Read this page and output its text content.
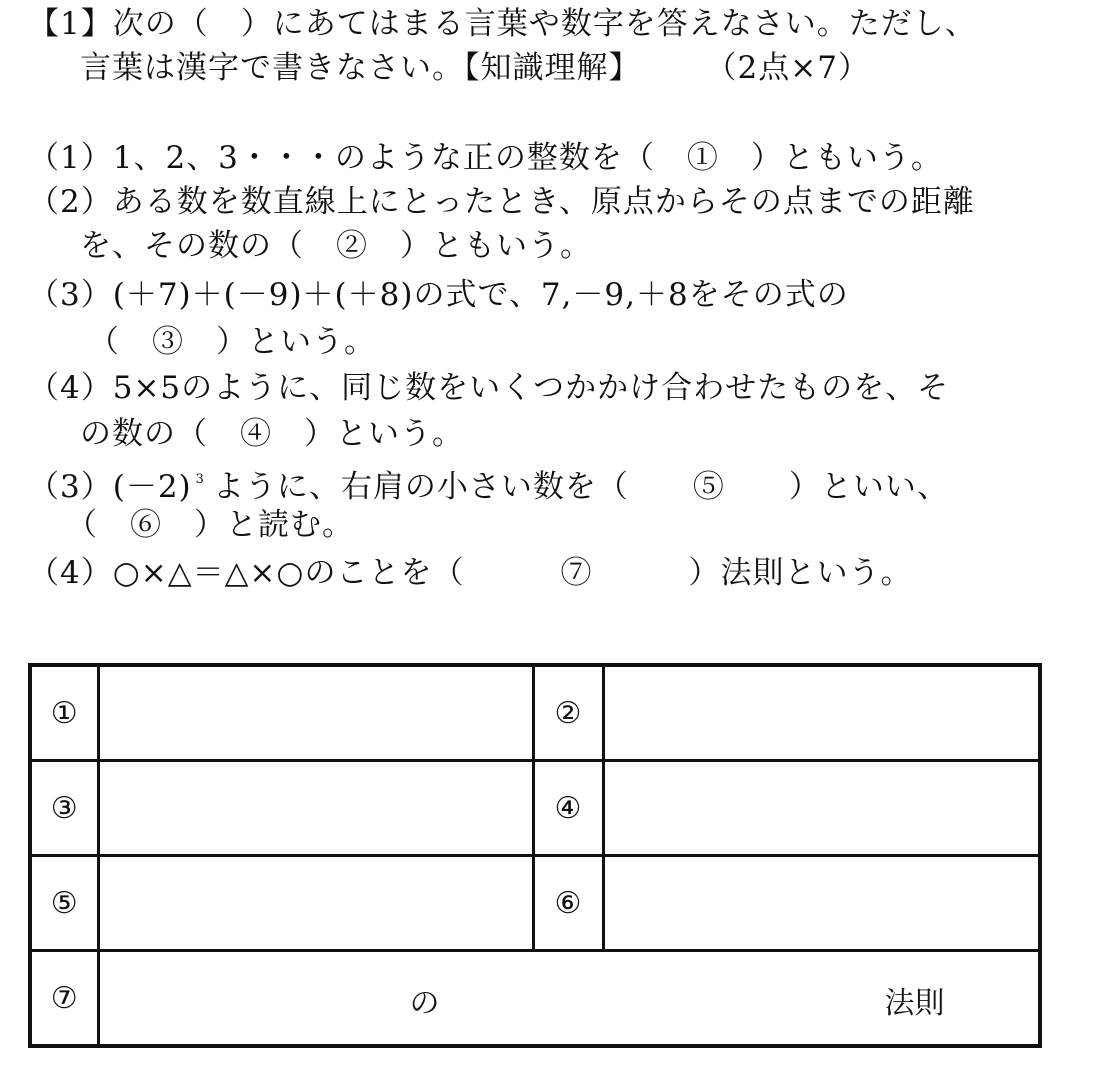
【1】次の（　）にあてはまる言葉や数字を答えなさい。ただし、
言葉は漢字で書きなさい。【知識理解】　　　（2点×7）
（1）1、2、3・・・のような正の整数を（　①　）ともいう。
（2）ある数を数直線上にとったとき、原点からその点までの距離
を、その数の（　②　）ともいう。
（3）(＋7)＋(－9)＋(＋8)の式で、7,－9,＋8をその式の
（　③　）という。
（4）5×5のように、同じ数をいくつかかけ合わせたものを、そ
の数の（　④　）という。
（3）(－2) $^3$ ように、右肩の小さい数を（　　⑤　　）といい、
（　⑥　）と読む。
（4）○×△＝△×○のことを（　　　⑦　　　）法則という。
①		②	
③		④	
⑤		⑥	
⑦	の 法則		
